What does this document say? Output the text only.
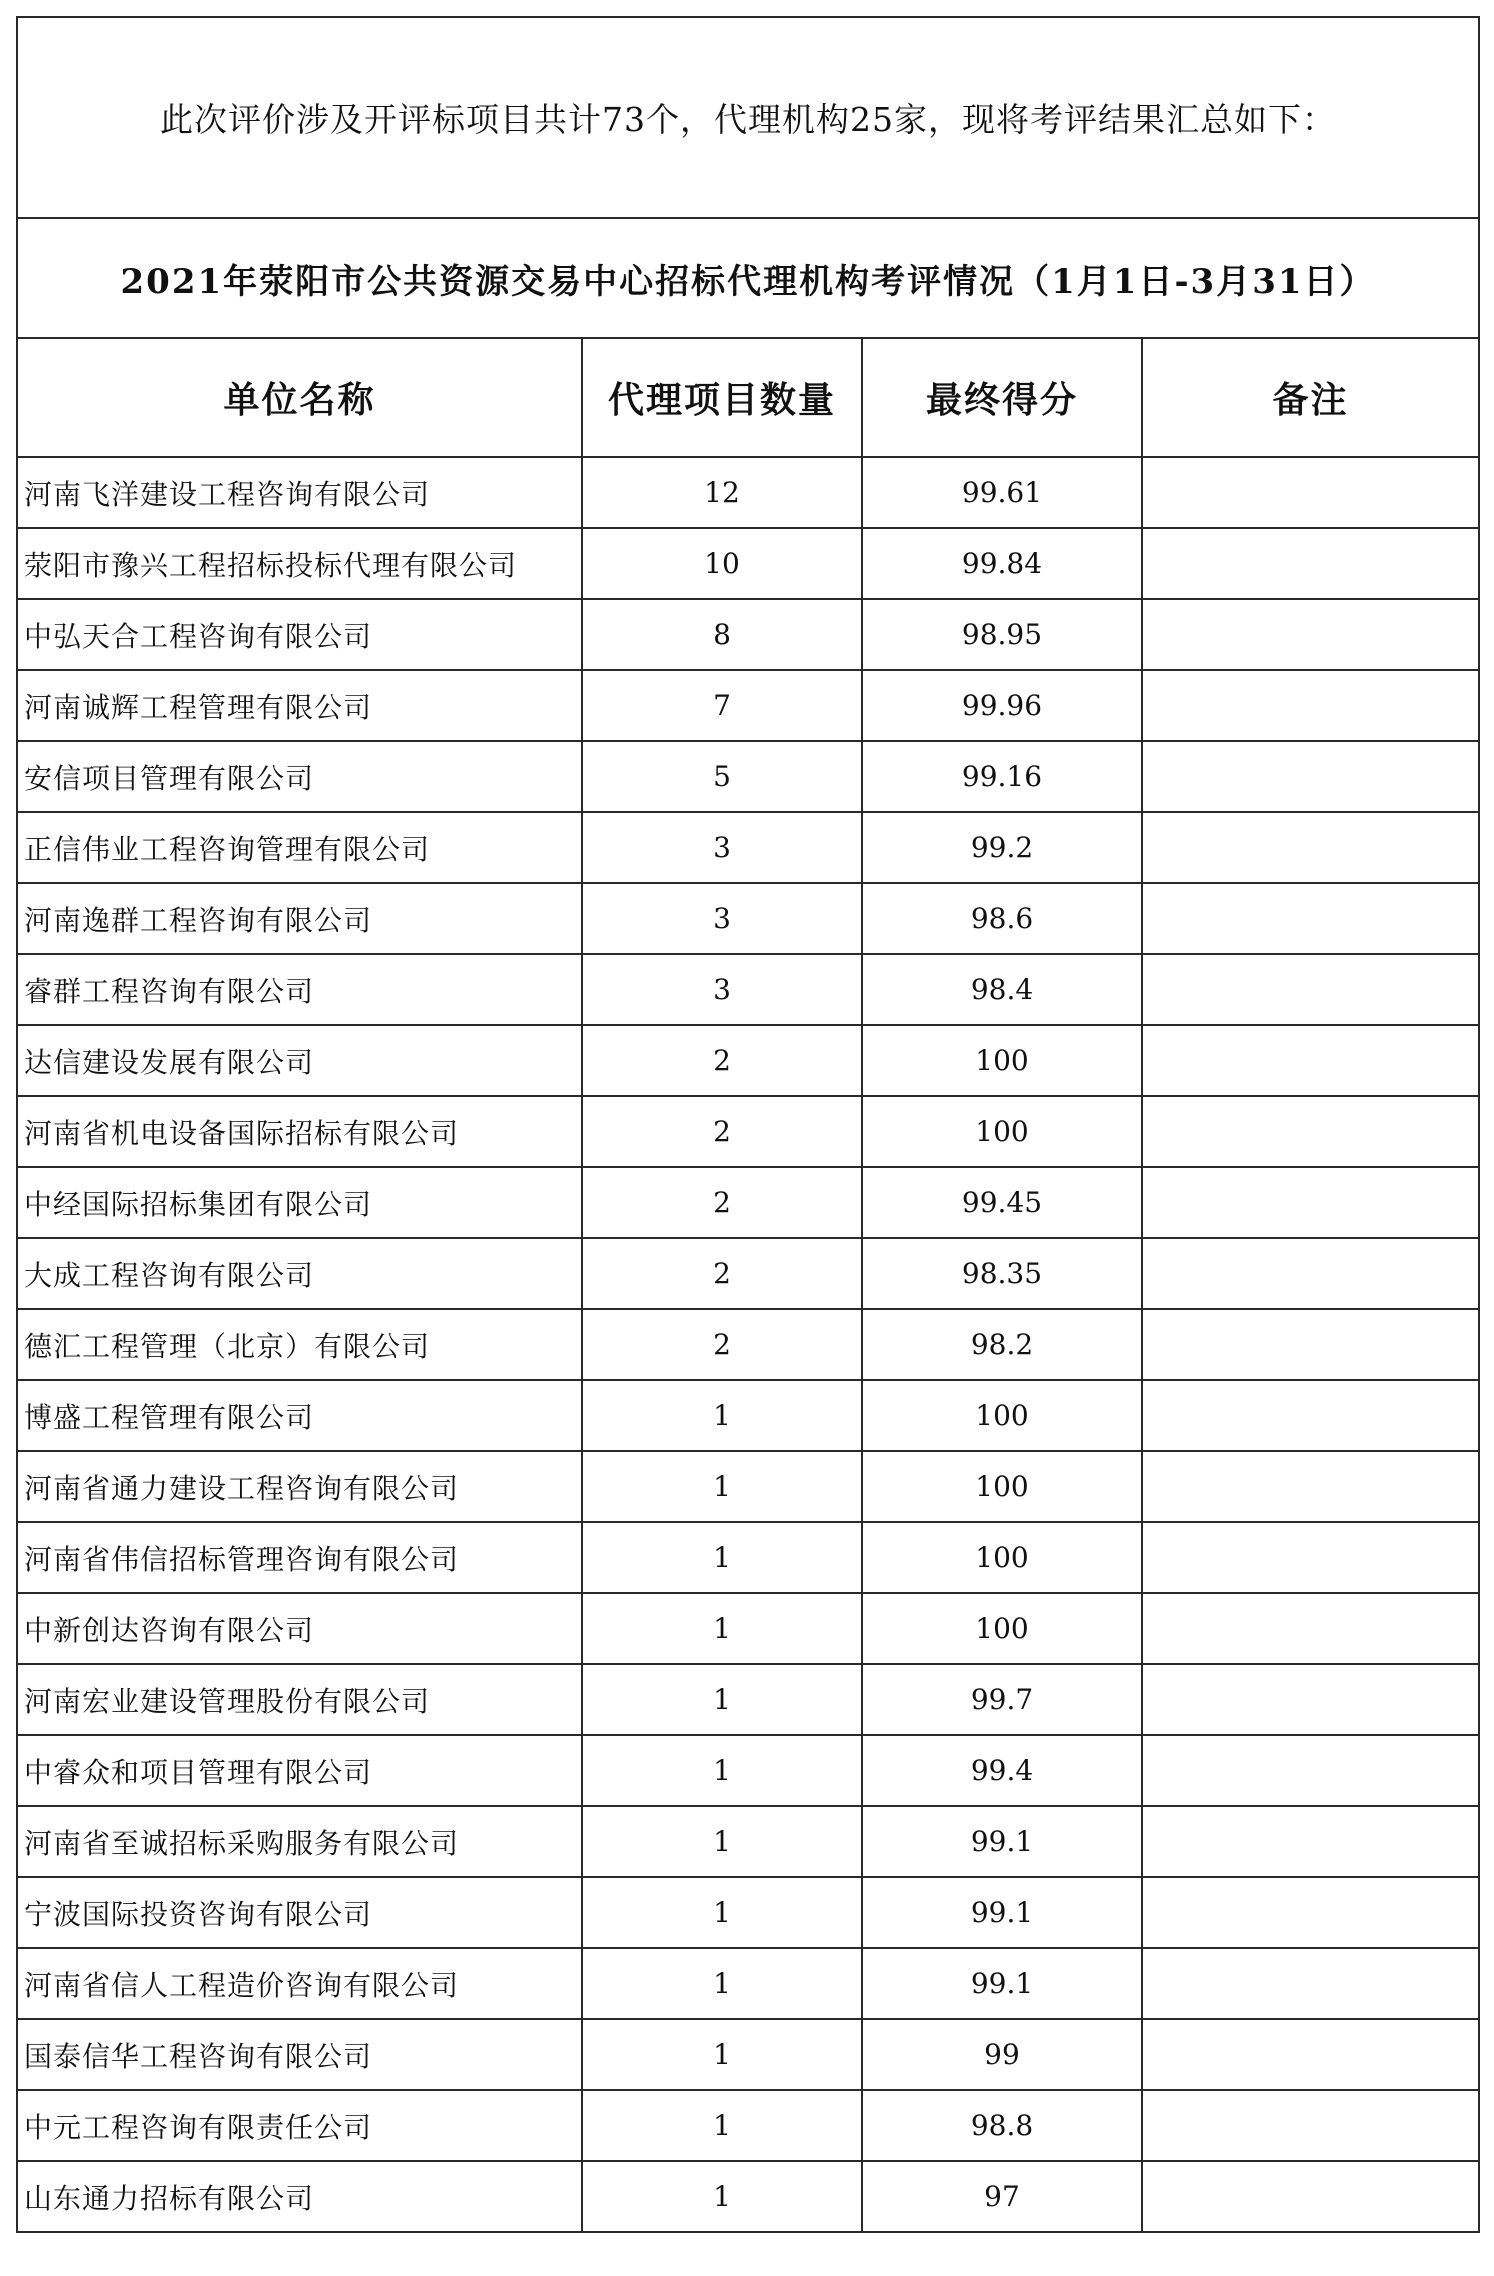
此次评价涉及开评标项目共计73个，代理机构25家，现将考评结果汇总如下：			
2021年荥阳市公共资源交易中心招标代理机构考评情况（1月1日-3月31日）			
单位名称	代理项目数量	最终得分	备注
河南飞洋建设工程咨询有限公司	12	99.61	
荥阳市豫兴工程招标投标代理有限公司	10	99.84	
中弘天合工程咨询有限公司	8	98.95	
河南诚辉工程管理有限公司	7	99.96	
安信项目管理有限公司	5	99.16	
正信伟业工程咨询管理有限公司	3	99.2	
河南逸群工程咨询有限公司	3	98.6	
睿群工程咨询有限公司	3	98.4	
达信建设发展有限公司	2	100	
河南省机电设备国际招标有限公司	2	100	
中经国际招标集团有限公司	2	99.45	
大成工程咨询有限公司	2	98.35	
德汇工程管理（北京）有限公司	2	98.2	
博盛工程管理有限公司	1	100	
河南省通力建设工程咨询有限公司	1	100	
河南省伟信招标管理咨询有限公司	1	100	
中新创达咨询有限公司	1	100	
河南宏业建设管理股份有限公司	1	99.7	
中睿众和项目管理有限公司	1	99.4	
河南省至诚招标采购服务有限公司	1	99.1	
宁波国际投资咨询有限公司	1	99.1	
河南省信人工程造价咨询有限公司	1	99.1	
国泰信华工程咨询有限公司	1	99	
中元工程咨询有限责任公司	1	98.8	
山东通力招标有限公司	1	97	
